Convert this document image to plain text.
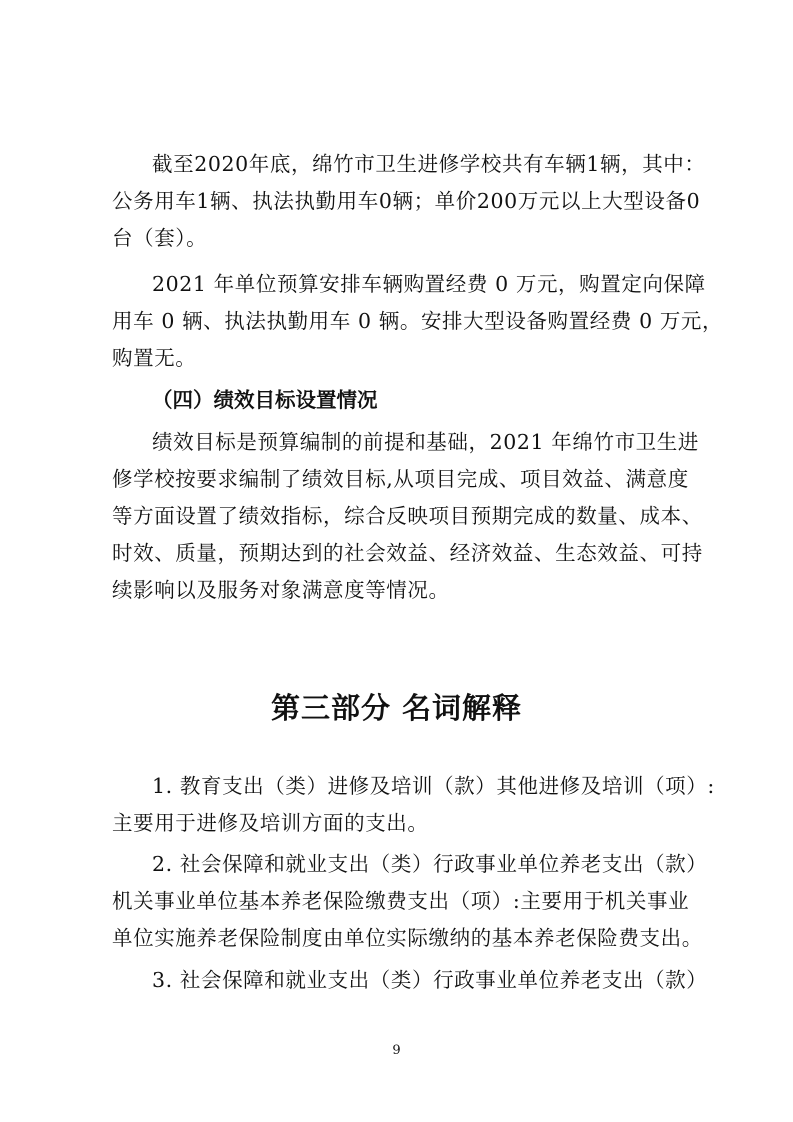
截至2020年底，绵竹市卫生进修学校共有车辆1辆，其中：
公务用车1辆、执法执勤用车0辆；单价200万元以上大型设备0
台（套）。

2021 年单位预算安排车辆购置经费 0 万元，购置定向保障
用车 0 辆、执法执勤用车 0 辆。安排大型设备购置经费 0 万元，
购置无。

（四）绩效目标设置情况

绩效目标是预算编制的前提和基础，2021 年绵竹市卫生进
修学校按要求编制了绩效目标,从项目完成、项目效益、满意度
等方面设置了绩效指标，综合反映项目预期完成的数量、成本、
时效、质量，预期达到的社会效益、经济效益、生态效益、可持
续影响以及服务对象满意度等情况。

第三部分 名词解释

1. 教育支出（类）进修及培训（款）其他进修及培训（项）:
主要用于进修及培训方面的支出。

2. 社会保障和就业支出（类）行政事业单位养老支出（款）
机关事业单位基本养老保险缴费支出（项）:主要用于机关事业
单位实施养老保险制度由单位实际缴纳的基本养老保险费支出。

3. 社会保障和就业支出（类）行政事业单位养老支出（款）

9
